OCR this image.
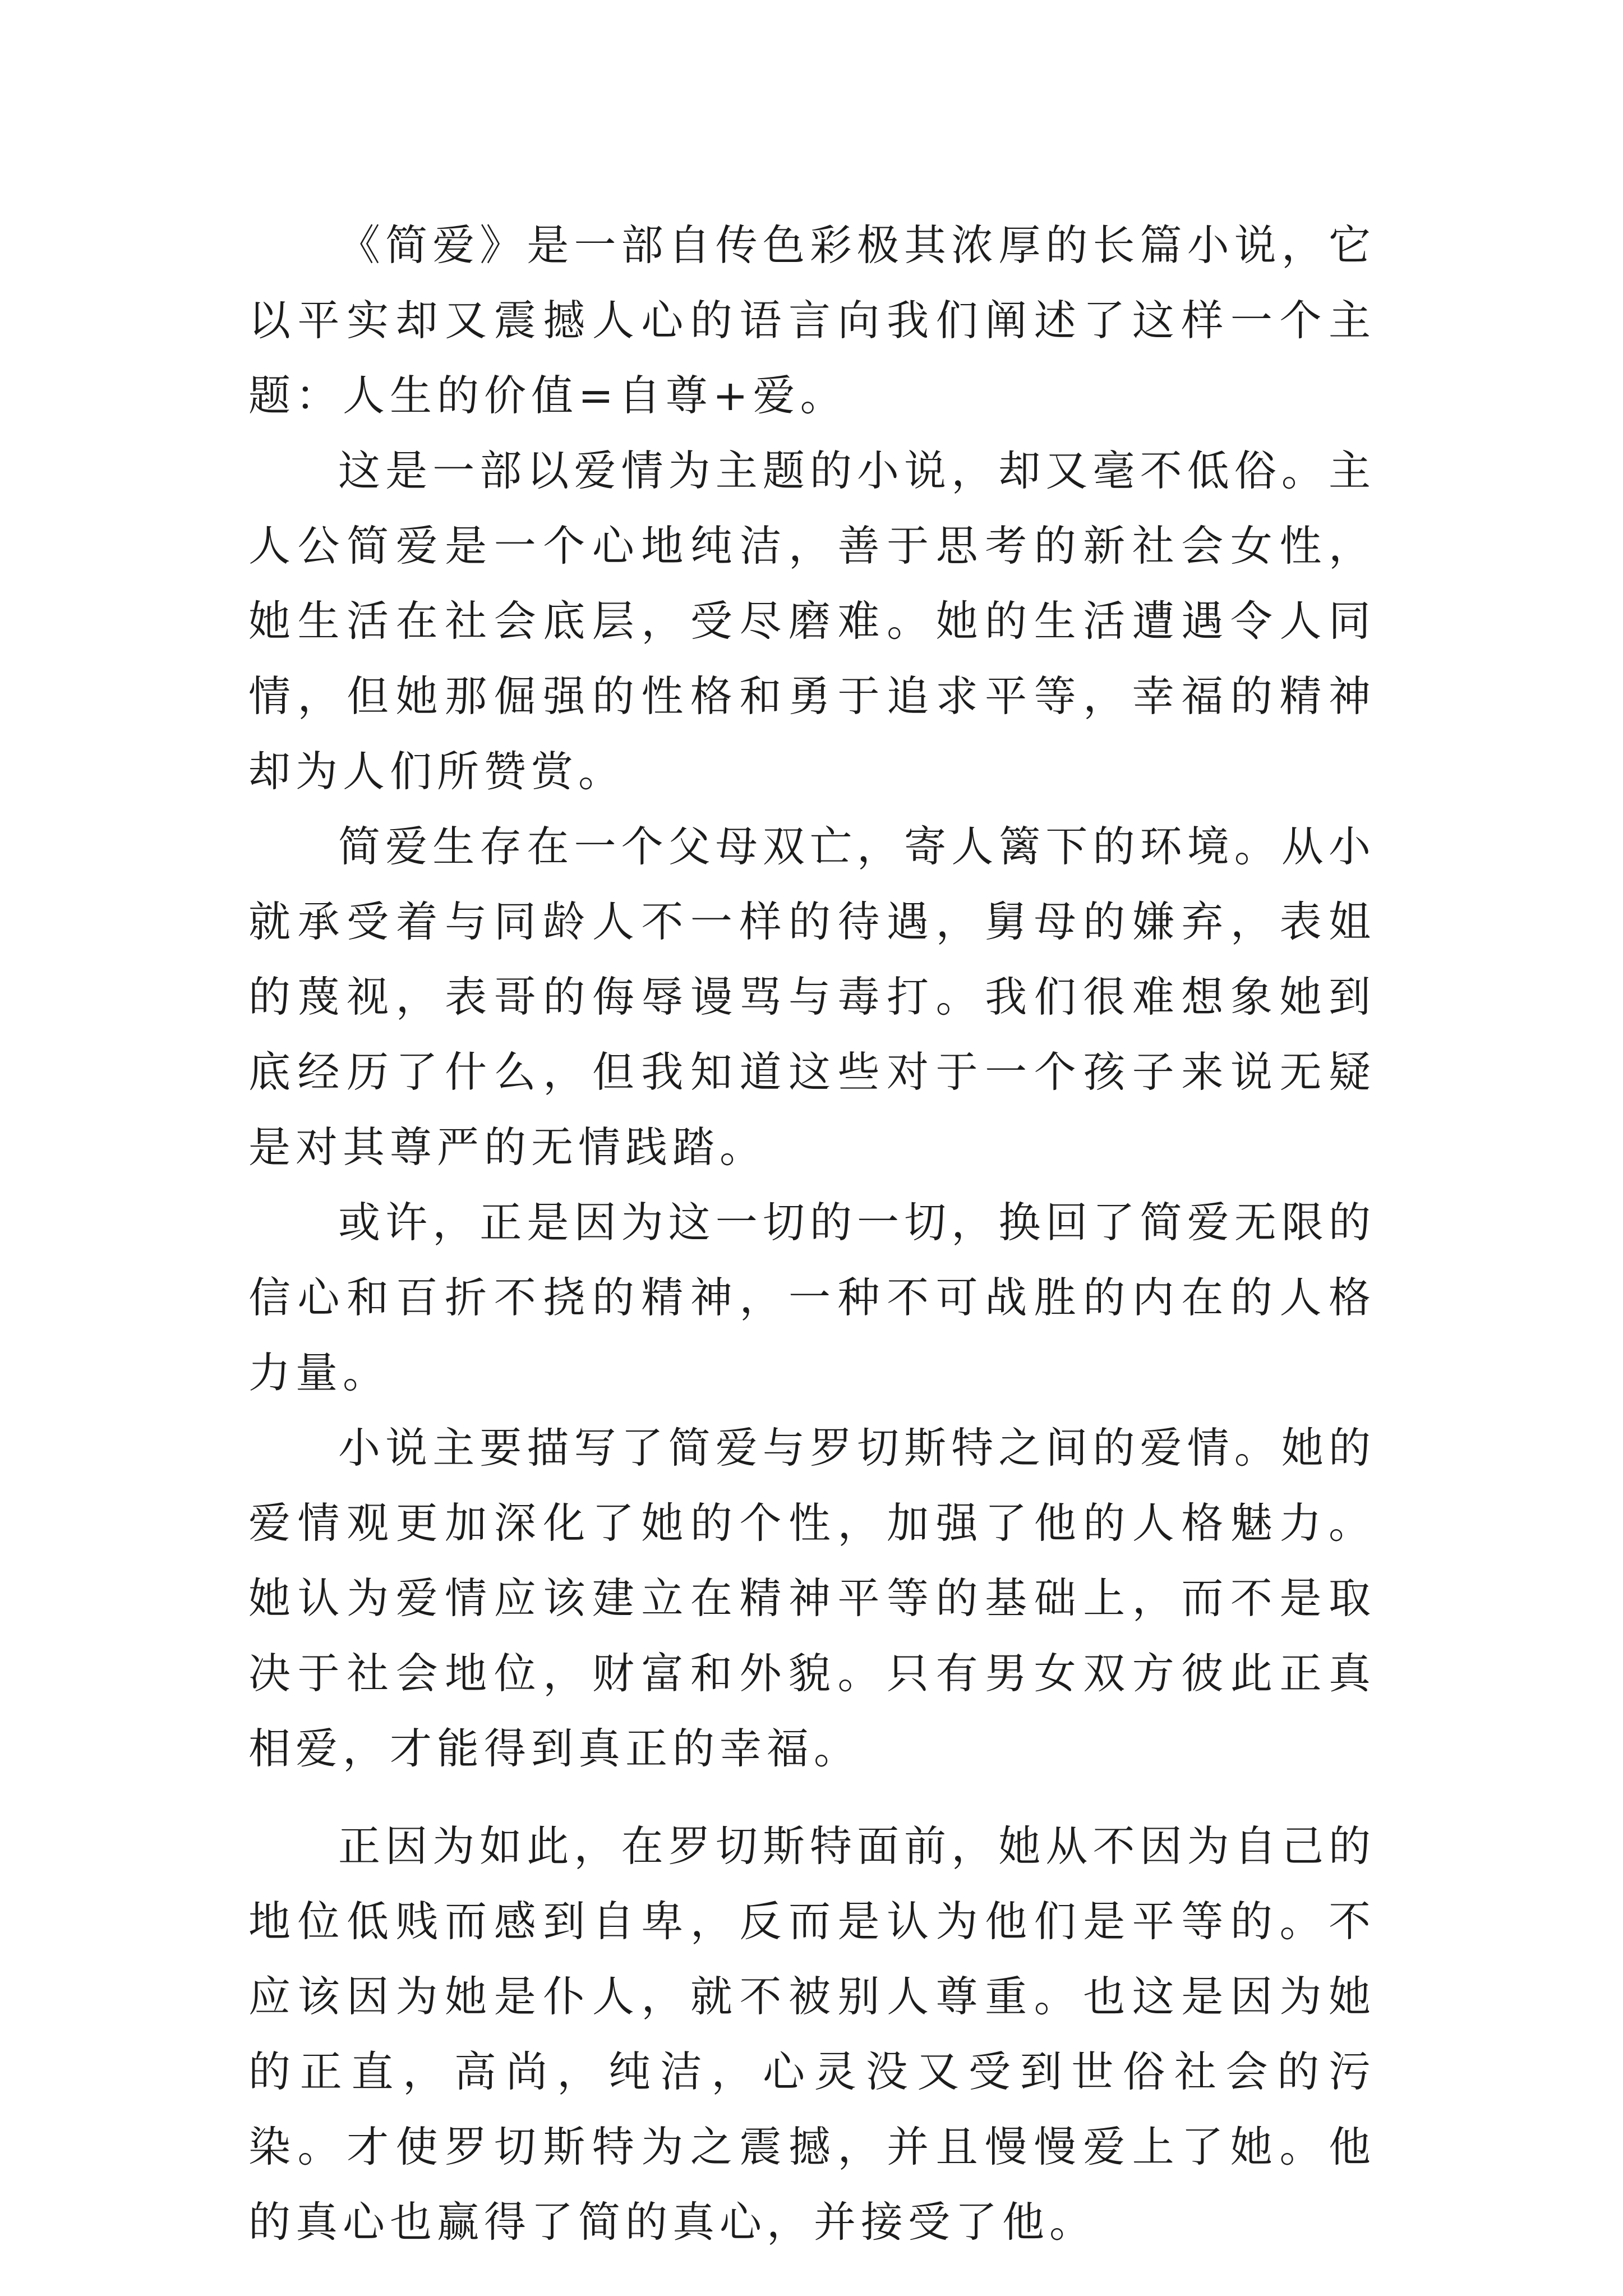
《简爱》是一部自传色彩极其浓厚的长篇小说，它以平实却又震撼人心的语言向我们阐述了这样一个主题：人生的价值=自尊+爱。

这是一部以爱情为主题的小说，却又毫不低俗。主人公简爱是一个心地纯洁，善于思考的新社会女性，她生活在社会底层，受尽磨难。她的生活遭遇令人同情，但她那倔强的性格和勇于追求平等，幸福的精神却为人们所赞赏。

简爱生存在一个父母双亡，寄人篱下的环境。从小就承受着与同龄人不一样的待遇，舅母的嫌弃，表姐的蔑视，表哥的侮辱谩骂与毒打。我们很难想象她到底经历了什么，但我知道这些对于一个孩子来说无疑是对其尊严的无情践踏。

或许，正是因为这一切的一切，换回了简爱无限的信心和百折不挠的精神，一种不可战胜的内在的人格力量。

小说主要描写了简爱与罗切斯特之间的爱情。她的爱情观更加深化了她的个性，加强了他的人格魅力。她认为爱情应该建立在精神平等的基础上，而不是取决于社会地位，财富和外貌。只有男女双方彼此正真相爱，才能得到真正的幸福。

正因为如此，在罗切斯特面前，她从不因为自己的地位低贱而感到自卑，反而是认为他们是平等的。不应该因为她是仆人，就不被别人尊重。也这是因为她的正直，高尚，纯洁，心灵没又受到世俗社会的污染。才使罗切斯特为之震撼，并且慢慢爱上了她。他的真心也赢得了简的真心，并接受了他。
